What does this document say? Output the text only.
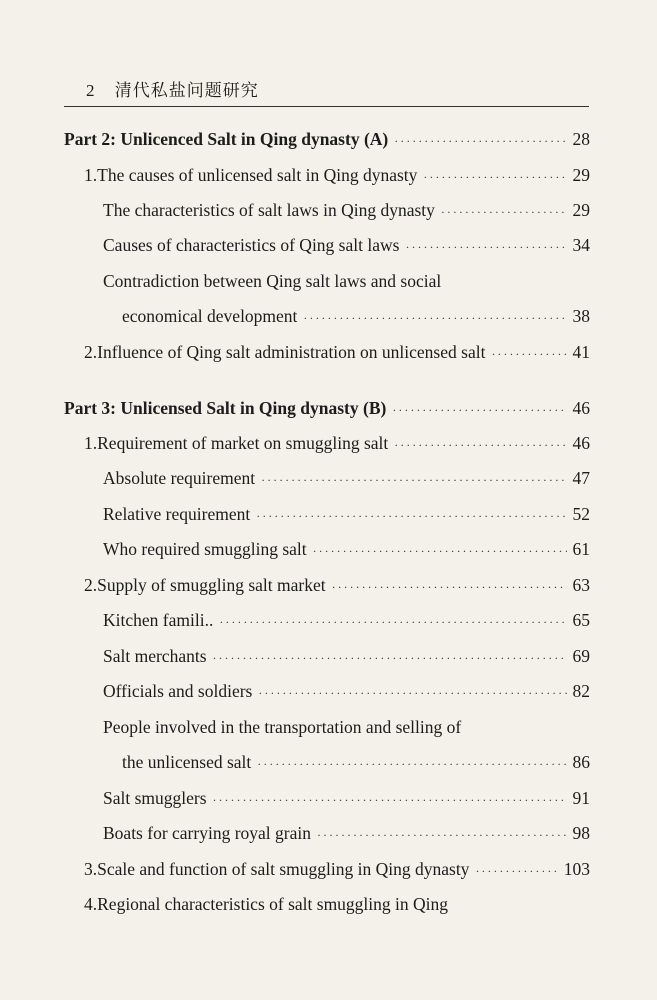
2 清代私盐问题研究
Part 2: Unlicenced Salt in Qing dynasty (A) ·····	28
1.The causes of unlicensed salt in Qing dynasty ·····	29
The characteristics of salt laws in Qing dynasty ·····	29
Causes of characteristics of Qing salt laws ·····	34
Contradiction between Qing salt laws and social
economical development ·····	38
2.Influence of Qing salt administration on unlicensed salt ·····	41
Part 3: Unlicensed Salt in Qing dynasty (B) ·····	46
1.Requirement of market on smuggling salt ·····	46
Absolute requirement ·····	47
Relative requirement ·····	52
Who required smuggling salt ·····	61
2.Supply of smuggling salt market ·····	63
Kitchen famili.. ·····	65
Salt merchants ·····	69
Officials and soldiers ·····	82
People involved in the transportation and selling of
the unlicensed salt ·····	86
Salt smugglers ·····	91
Boats for carrying royal grain ·····	98
3.Scale and function of salt smuggling in Qing dynasty ·····	103
4.Regional characteristics of salt smuggling in Qing
